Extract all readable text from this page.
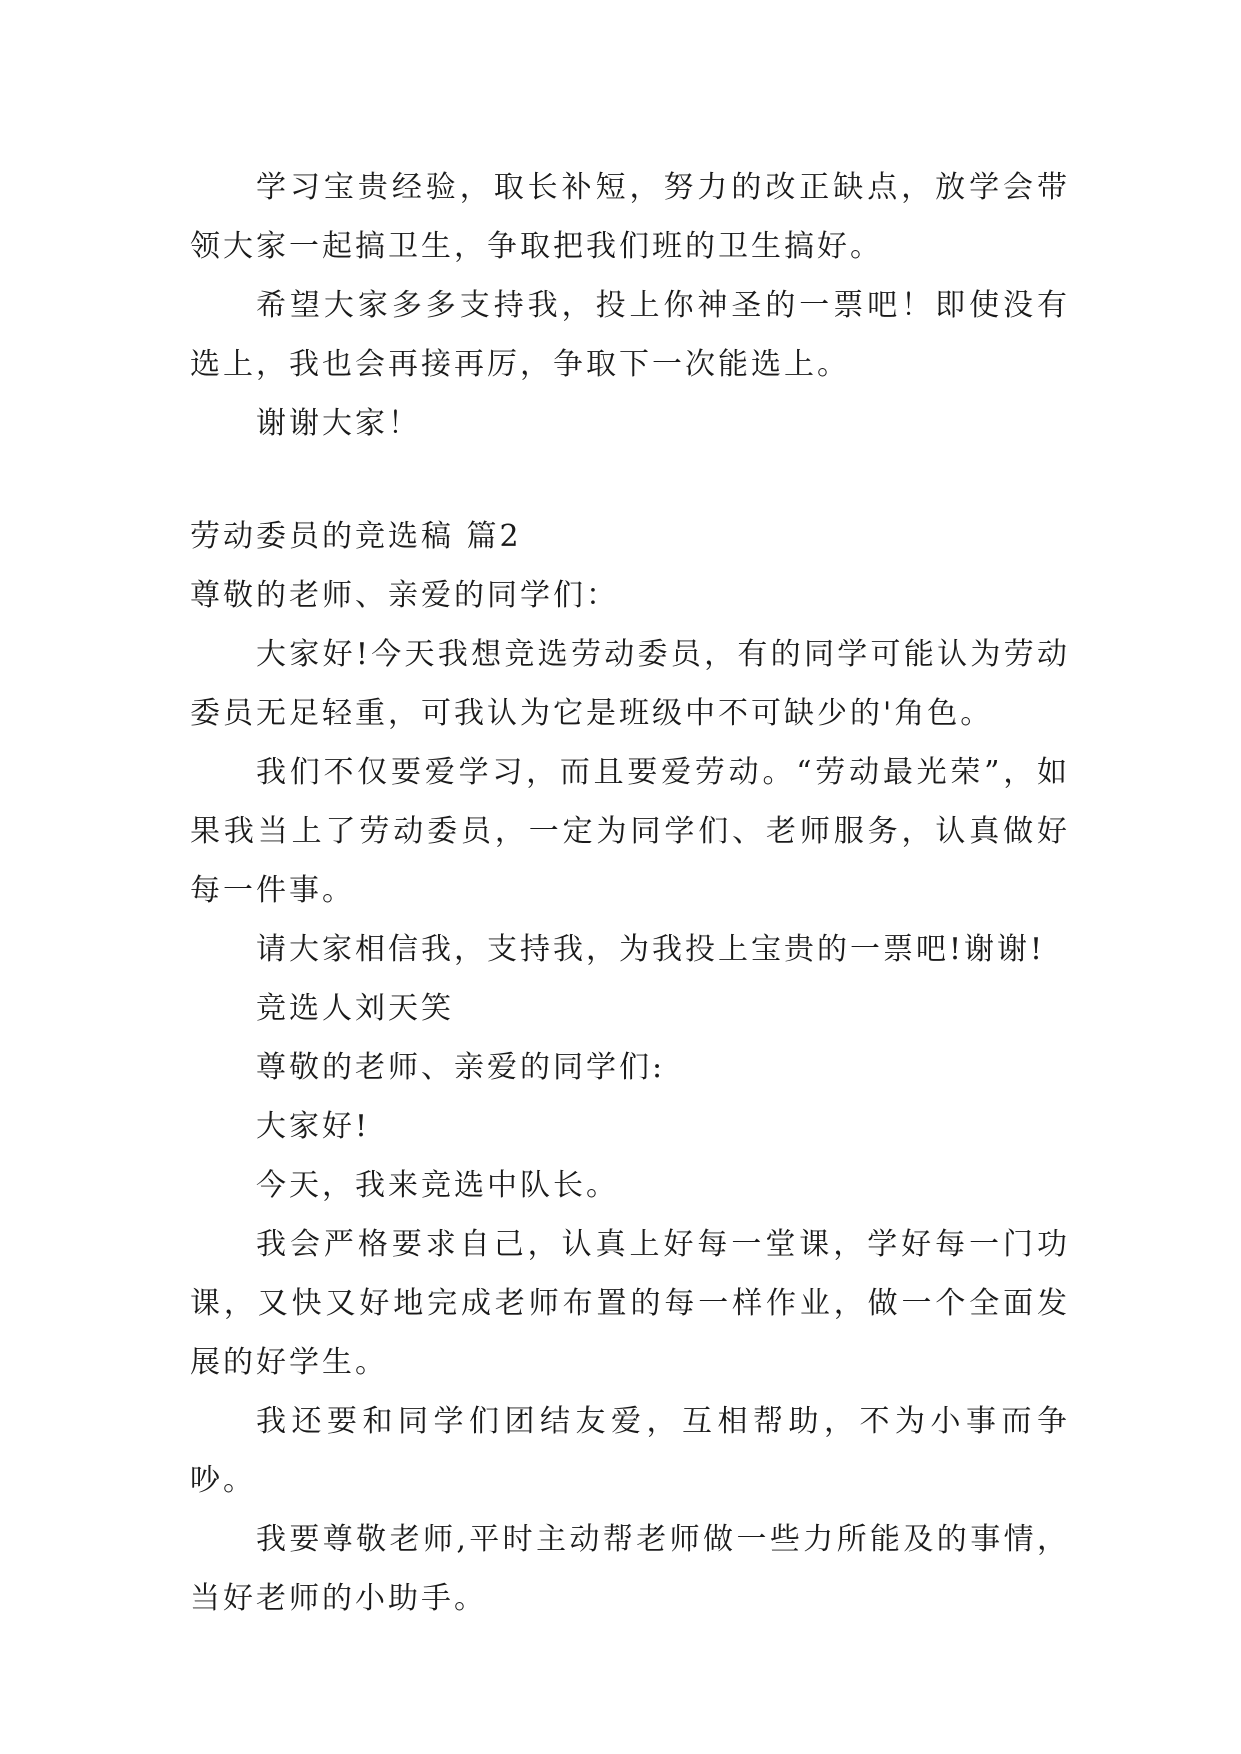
学习宝贵经验，取长补短，努力的改正缺点，放学会带领大家一起搞卫生，争取把我们班的卫生搞好。

希望大家多多支持我，投上你神圣的一票吧！即使没有选上，我也会再接再厉，争取下一次能选上。

谢谢大家！

劳动委员的竞选稿 篇2

尊敬的老师、亲爱的同学们：

大家好!今天我想竞选劳动委员，有的同学可能认为劳动委员无足轻重，可我认为它是班级中不可缺少的'角色。

我们不仅要爱学习，而且要爱劳动。“劳动最光荣”，如果我当上了劳动委员，一定为同学们、老师服务，认真做好每一件事。

请大家相信我，支持我，为我投上宝贵的一票吧!谢谢!

竞选人刘天笑

尊敬的老师、亲爱的同学们:

大家好!

今天，我来竞选中队长。

我会严格要求自己，认真上好每一堂课，学好每一门功课，又快又好地完成老师布置的每一样作业，做一个全面发展的好学生。

我还要和同学们团结友爱，互相帮助，不为小事而争吵。

我要尊敬老师,平时主动帮老师做一些力所能及的事情，当好老师的小助手。
